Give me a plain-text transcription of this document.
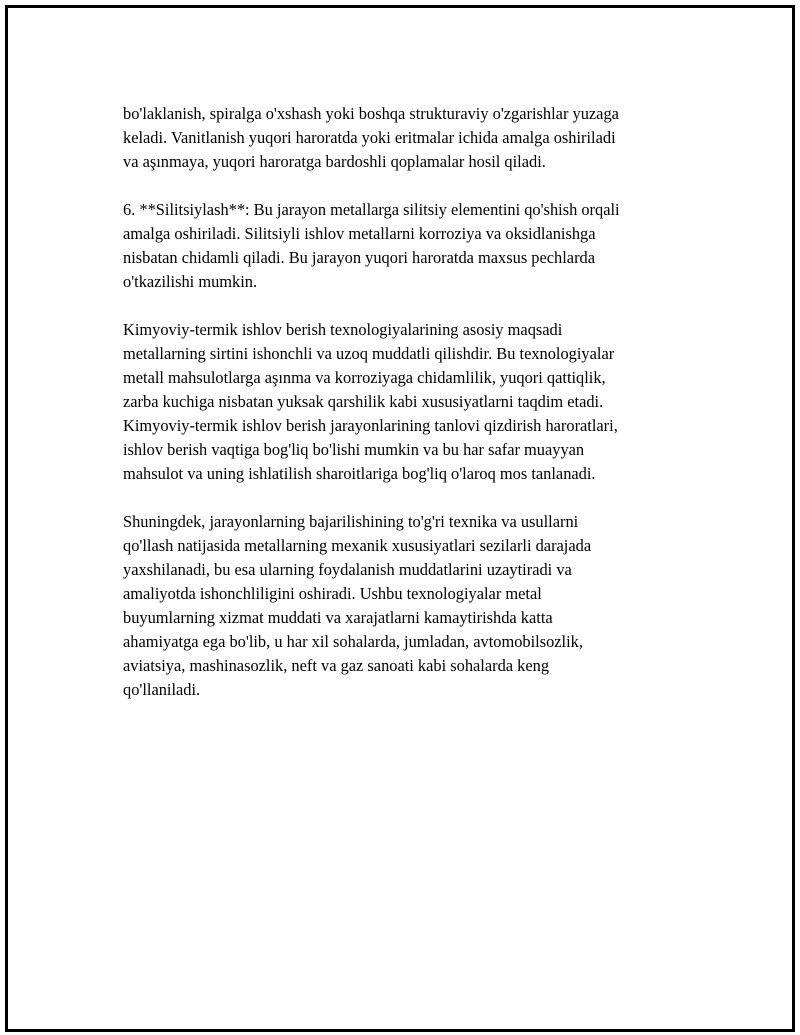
bo'laklanish, spiralga o'xshash yoki boshqa strukturaviy o'zgarishlar yuzaga
keladi. Vanitlanish yuqori haroratda yoki eritmalar ichida amalga oshiriladi
va aşınmaya, yuqori haroratga bardoshli qoplamalar hosil qiladi.

6. **Silitsiylash**: Bu jarayon metallarga silitsiy elementini qo'shish orqali
amalga oshiriladi. Silitsiyli ishlov metallarni korroziya va oksidlanishga
nisbatan chidamli qiladi. Bu jarayon yuqori haroratda maxsus pechlarda
o'tkazilishi mumkin.

Kimyoviy-termik ishlov berish texnologiyalarining asosiy maqsadi
metallarning sirtini ishonchli va uzoq muddatli qilishdir. Bu texnologiyalar
metall mahsulotlarga aşınma va korroziyaga chidamlilik, yuqori qattiqlik,
zarba kuchiga nisbatan yuksak qarshilik kabi xususiyatlarni taqdim etadi.
Kimyoviy-termik ishlov berish jarayonlarining tanlovi qizdirish haroratlari,
ishlov berish vaqtiga bog'liq bo'lishi mumkin va bu har safar muayyan
mahsulot va uning ishlatilish sharoitlariga bog'liq o'laroq mos tanlanadi.

Shuningdek, jarayonlarning bajarilishining to'g'ri texnika va usullarni
qo'llash natijasida metallarning mexanik xususiyatlari sezilarli darajada
yaxshilanadi, bu esa ularning foydalanish muddatlarini uzaytiradi va
amaliyotda ishonchliligini oshiradi. Ushbu texnologiyalar metal
buyumlarning xizmat muddati va xarajatlarni kamaytirishda katta
ahamiyatga ega bo'lib, u har xil sohalarda, jumladan, avtomobilsozlik,
aviatsiya, mashinasozlik, neft va gaz sanoati kabi sohalarda keng
qo'llaniladi.
